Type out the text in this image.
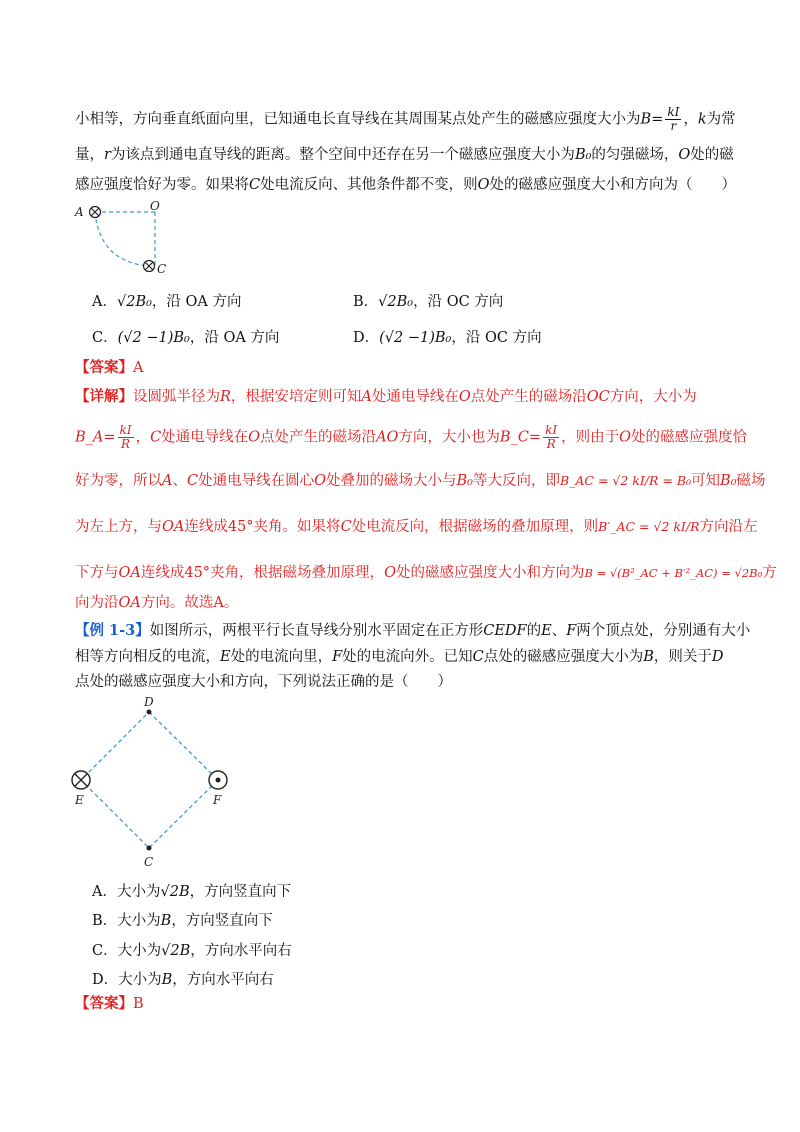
小相等，方向垂直纸面向里，已知通电长直导线在其周围某点处产生的磁感应强度大小为$B= \frac{kI}{r}$ ，k为常
量，r为该点到通电直导线的距离。整个空间中还存在另一个磁感应强度大小为B₀的匀强磁场，O处的磁
感应强度恰好为零。如果将C处电流反向、其他条件都不变，则O处的磁感应强度大小和方向为（　　）
A	O
C
A．√2B₀，沿 OA 方向	B．√2B₀，沿 OC 方向
C．(√2 −1)B₀，沿 OA 方向	D．(√2 −1)B₀，沿 OC 方向
【答案】A
【详解】设圆弧半径为R，根据安培定则可知A处通电导线在O点处产生的磁场沿OC方向，大小为
B_A= $\frac{kI}{R}$ ，C处通电导线在O点处产生的磁场沿AO方向，大小也为B_C= $\frac{kI}{R}$ ，则由于O处的磁感应强度恰
好为零，所以A、C处通电导线在圆心O处叠加的磁场大小与B₀等大反向，即B_AC = √2 kI/R = B₀可知B₀磁场
为左上方，与OA连线成45°夹角。如果将C处电流反向，根据磁场的叠加原理，则B′_AC = √2 kI/R方向沿左
下方与OA连线成45°夹角，根据磁场叠加原理，O处的磁感应强度大小和方向为B = √(B²_AC + B′²_AC) = √2B₀方
向为沿OA方向。故选A。
【例 1-3】如图所示，两根平行长直导线分别水平固定在正方形CEDF的E、F两个顶点处，分别通有大小
相等方向相反的电流，E处的电流向里，F处的电流向外。已知C点处的磁感应强度大小为B，则关于D
点处的磁感应强度大小和方向，下列说法正确的是（　　）
D
E	F
C
A．大小为√2B，方向竖直向下
B．大小为B，方向竖直向下
C．大小为√2B，方向水平向右
D．大小为B，方向水平向右
【答案】B
